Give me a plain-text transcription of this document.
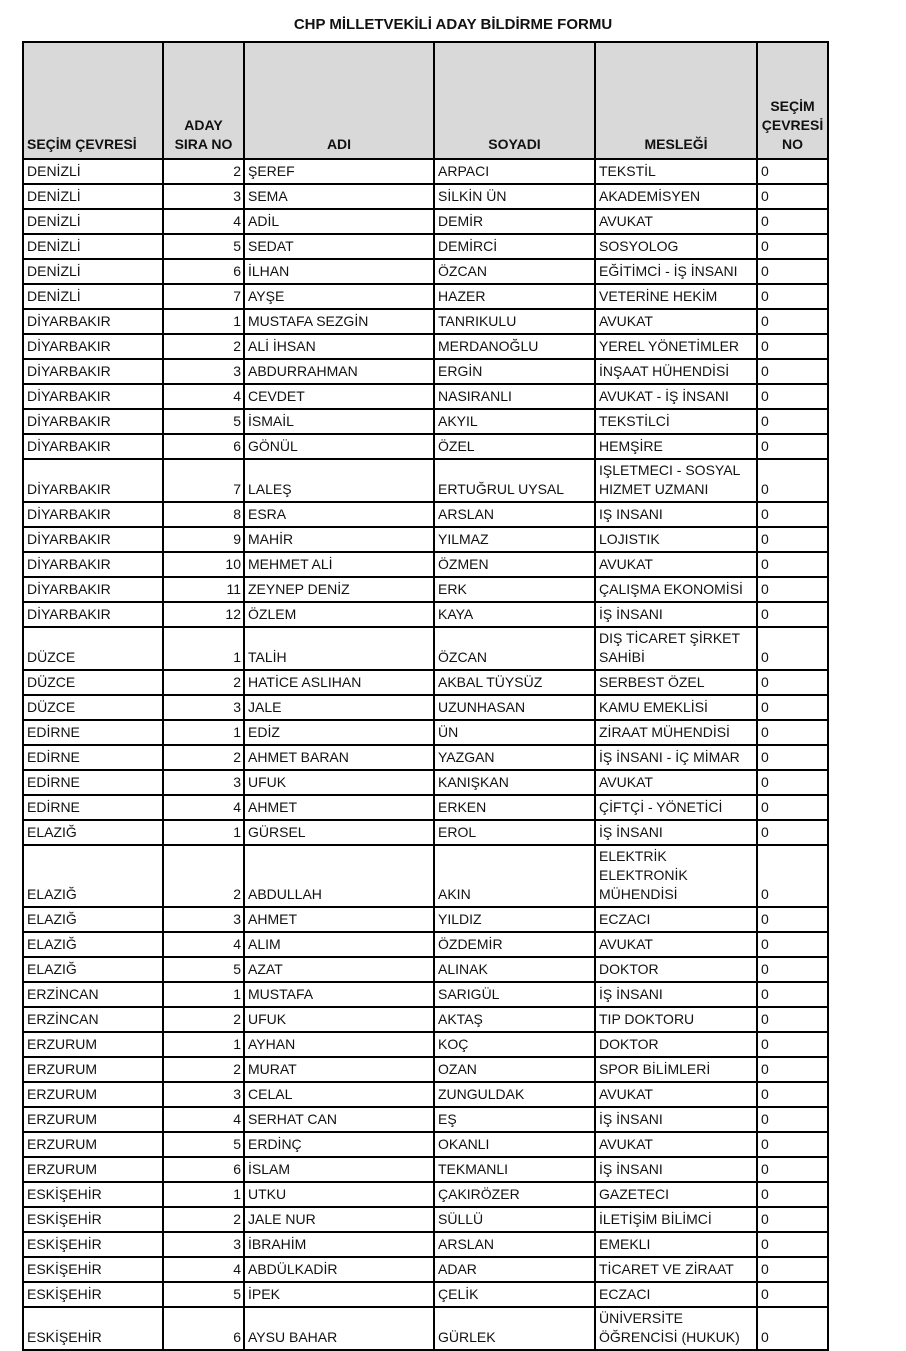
CHP MİLLETVEKİLİ ADAY BİLDİRME FORMU
SEÇİM ÇEVRESİ	ADAY SIRA NO	ADI	SOYADI	MESLEĞİ	SEÇİM ÇEVRESİ NO
DENİZLİ	2	ŞEREF	ARPACI	TEKSTİL	0
DENİZLİ	3	SEMA	SİLKİN ÜN	AKADEMİSYEN	0
DENİZLİ	4	ADİL	DEMİR	AVUKAT	0
DENİZLİ	5	SEDAT	DEMİRCİ	SOSYOLOG	0
DENİZLİ	6	İLHAN	ÖZCAN	EĞİTİMCİ - İŞ İNSANI	0
DENİZLİ	7	AYŞE	HAZER	VETERİNE HEKİM	0
DİYARBAKIR	1	MUSTAFA SEZGİN	TANRIKULU	AVUKAT	0
DİYARBAKIR	2	ALİ İHSAN	MERDANOĞLU	YEREL YÖNETİMLER	0
DİYARBAKIR	3	ABDURRAHMAN	ERGİN	İNŞAAT HÜHENDİSİ	0
DİYARBAKIR	4	CEVDET	NASIRANLI	AVUKAT - İŞ İNSANI	0
DİYARBAKIR	5	İSMAİL	AKYIL	TEKSTİLCİ	0
DİYARBAKIR	6	GÖNÜL	ÖZEL	HEMŞİRE	0
DİYARBAKIR	7	LALEŞ	ERTUĞRUL UYSAL	IŞLETMECI - SOSYAL HIZMET UZMANI	0
DİYARBAKIR	8	ESRA	ARSLAN	IŞ INSANI	0
DİYARBAKIR	9	MAHİR	YILMAZ	LOJISTIK	0
DİYARBAKIR	10	MEHMET ALİ	ÖZMEN	AVUKAT	0
DİYARBAKIR	11	ZEYNEP DENİZ	ERK	ÇALIŞMA EKONOMİSİ	0
DİYARBAKIR	12	ÖZLEM	KAYA	İŞ İNSANI	0
DÜZCE	1	TALİH	ÖZCAN	DIŞ TİCARET ŞİRKET SAHİBİ	0
DÜZCE	2	HATİCE ASLIHAN	AKBAL TÜYSÜZ	SERBEST ÖZEL	0
DÜZCE	3	JALE	UZUNHASAN	KAMU EMEKLİSİ	0
EDİRNE	1	EDİZ	ÜN	ZİRAAT MÜHENDİSİ	0
EDİRNE	2	AHMET BARAN	YAZGAN	İŞ İNSANI - İÇ MİMAR	0
EDİRNE	3	UFUK	KANIŞKAN	AVUKAT	0
EDİRNE	4	AHMET	ERKEN	ÇİFTÇİ - YÖNETİCİ	0
ELAZIĞ	1	GÜRSEL	EROL	İŞ İNSANI	0
ELAZIĞ	2	ABDULLAH	AKIN	ELEKTRİK ELEKTRONİK MÜHENDİSİ	0
ELAZIĞ	3	AHMET	YILDIZ	ECZACI	0
ELAZIĞ	4	ALIM	ÖZDEMİR	AVUKAT	0
ELAZIĞ	5	AZAT	ALINAK	DOKTOR	0
ERZİNCAN	1	MUSTAFA	SARIGÜL	İŞ İNSANI	0
ERZİNCAN	2	UFUK	AKTAŞ	TIP DOKTORU	0
ERZURUM	1	AYHAN	KOÇ	DOKTOR	0
ERZURUM	2	MURAT	OZAN	SPOR BİLİMLERİ	0
ERZURUM	3	CELAL	ZUNGULDAK	AVUKAT	0
ERZURUM	4	SERHAT CAN	EŞ	İŞ İNSANI	0
ERZURUM	5	ERDİNÇ	OKANLI	AVUKAT	0
ERZURUM	6	İSLAM	TEKMANLI	İŞ İNSANI	0
ESKİŞEHİR	1	UTKU	ÇAKIRÖZER	GAZETECI	0
ESKİŞEHİR	2	JALE NUR	SÜLLÜ	İLETİŞİM BİLİMCİ	0
ESKİŞEHİR	3	İBRAHİM	ARSLAN	EMEKLI	0
ESKİŞEHİR	4	ABDÜLKADİR	ADAR	TİCARET VE ZİRAAT	0
ESKİŞEHİR	5	İPEK	ÇELİK	ECZACI	0
ESKİŞEHİR	6	AYSU BAHAR	GÜRLEK	ÜNİVERSİTE ÖĞRENCİSİ (HUKUK)	0
